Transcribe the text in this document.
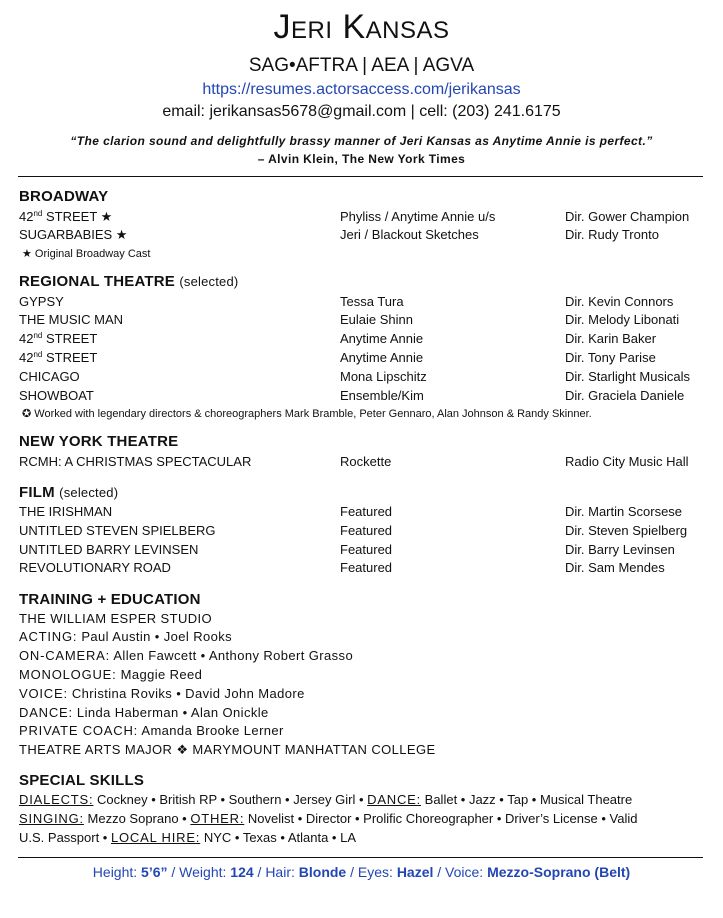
Jeri Kansas
SAG•AFTRA | AEA | AGVA
https://resumes.actorsaccess.com/jerikansas
email: jerikansas5678@gmail.com | cell: (203) 241.6175
“The clarion sound and delightfully brassy manner of Jeri Kansas as Anytime Annie is perfect.”
– Alvin Klein, The New York Times
BROADWAY
42nd STREET ★	Phyliss / Anytime Annie u/s	Dir. Gower Champion
SUGARBABIES ★	Jeri / Blackout Sketches	Dir. Rudy Tronto
★ Original Broadway Cast
REGIONAL THEATRE (selected)
GYPSY	Tessa Tura	Dir. Kevin Connors
THE MUSIC MAN	Eulaie Shinn	Dir. Melody Libonati
42nd STREET	Anytime Annie	Dir. Karin Baker
42nd STREET	Anytime Annie	Dir. Tony Parise
CHICAGO	Mona Lipschitz	Dir. Starlight Musicals
SHOWBOAT	Ensemble/Kim	Dir. Graciela Daniele
✪ Worked with legendary directors & choreographers Mark Bramble, Peter Gennaro, Alan Johnson & Randy Skinner.
NEW YORK THEATRE
RCMH: A CHRISTMAS SPECTACULAR	Rockette	Radio City Music Hall
FILM (selected)
THE IRISHMAN	Featured	Dir. Martin Scorsese
UNTITLED STEVEN SPIELBERG	Featured	Dir. Steven Spielberg
UNTITLED BARRY LEVINSEN	Featured	Dir. Barry Levinsen
REVOLUTIONARY ROAD	Featured	Dir. Sam Mendes
TRAINING + EDUCATION
THE WILLIAM ESPER STUDIO
ACTING: Paul Austin • Joel Rooks
ON-CAMERA: Allen Fawcett • Anthony Robert Grasso
MONOLOGUE: Maggie Reed
VOICE: Christina Roviks • David John Madore
DANCE: Linda Haberman • Alan Onickle
PRIVATE COACH: Amanda Brooke Lerner
THEATRE ARTS MAJOR ❖ MARYMOUNT MANHATTAN COLLEGE
SPECIAL SKILLS
DIALECTS: Cockney • British RP • Southern • Jersey Girl • DANCE: Ballet • Jazz • Tap • Musical Theatre
SINGING: Mezzo Soprano • OTHER: Novelist • Director • Prolific Choreographer • Driver’s License • Valid
U.S. Passport • LOCAL HIRE: NYC • Texas • Atlanta • LA
Height: 5’6” / Weight: 124 / Hair: Blonde / Eyes: Hazel / Voice: Mezzo-Soprano (Belt)
